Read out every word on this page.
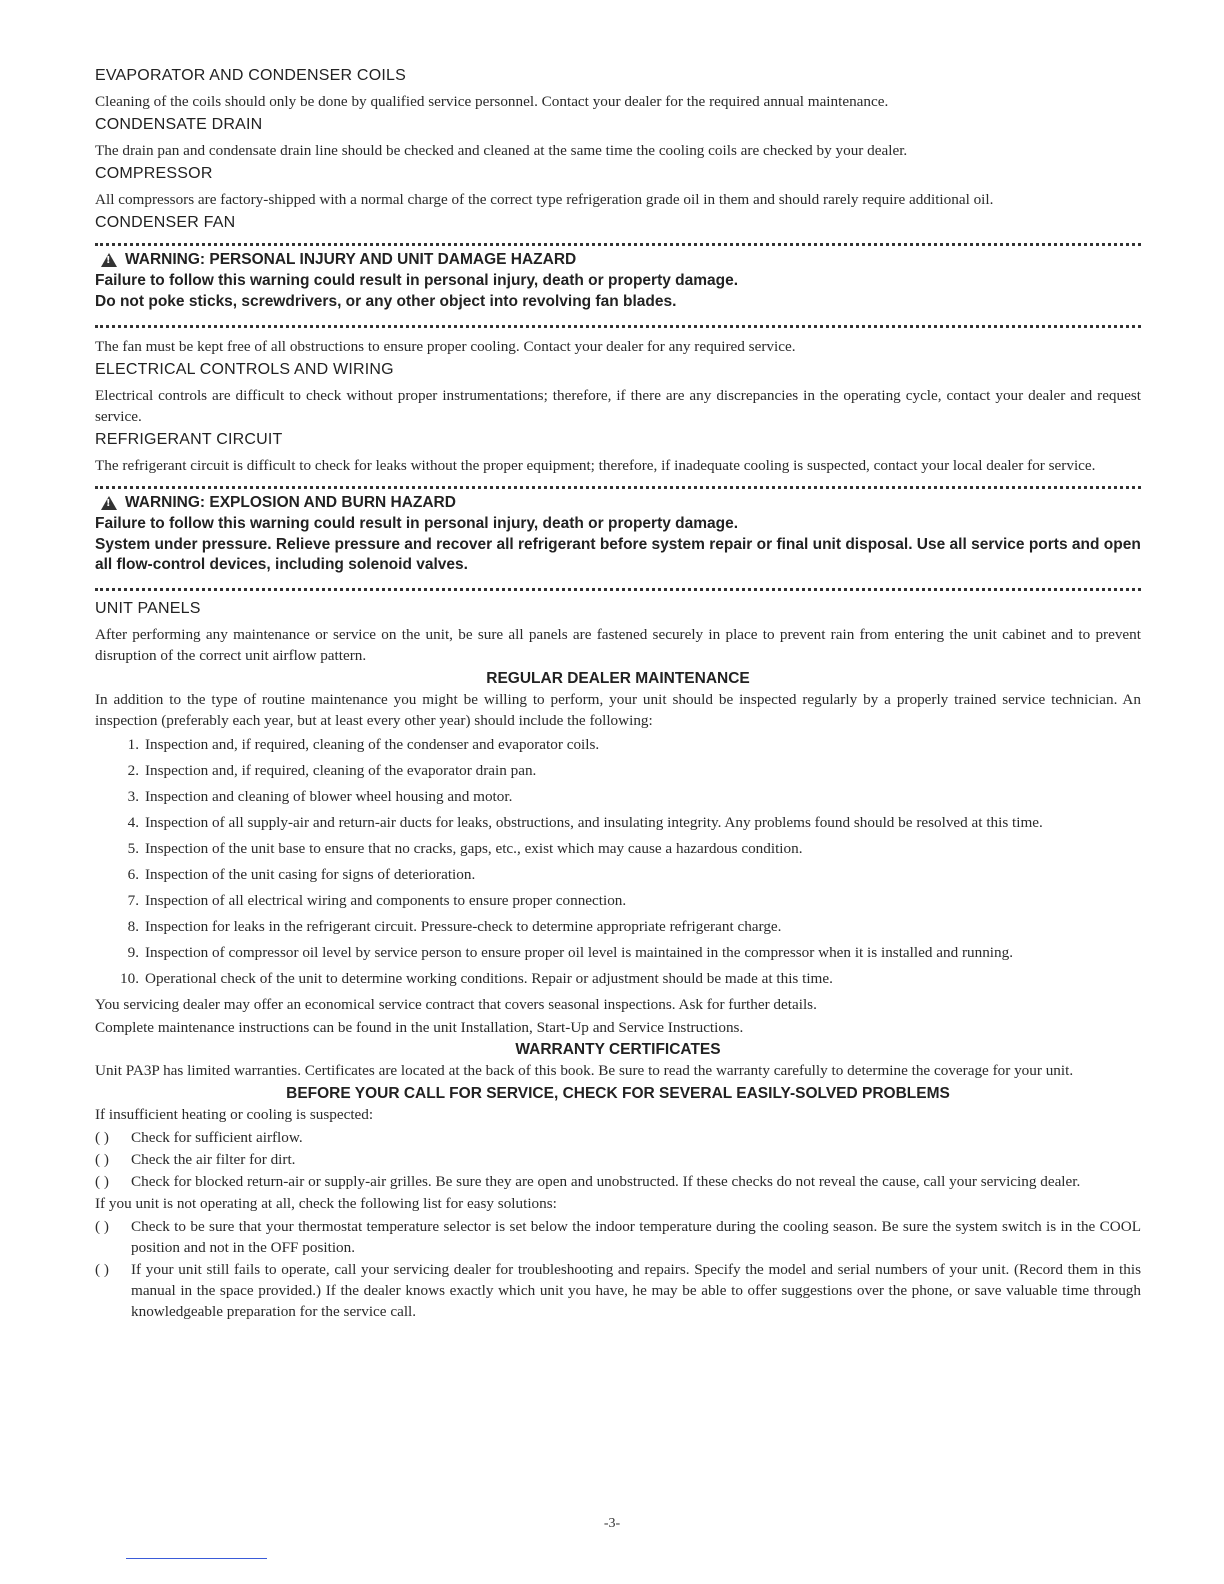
EVAPORATOR AND CONDENSER COILS

Cleaning of the coils should only be done by qualified service personnel. Contact your dealer for the required annual maintenance.

CONDENSATE DRAIN

The drain pan and condensate drain line should be checked and cleaned at the same time the cooling coils are checked by your dealer.

COMPRESSOR

All compressors are factory-shipped with a normal charge of the correct type refrigeration grade oil in them and should rarely require additional oil.

CONDENSER FAN

!
WARNING: PERSONAL INJURY AND UNIT DAMAGE HAZARD

Failure to follow this warning could result in personal injury, death or property damage.

Do not poke sticks, screwdrivers, or any other object into revolving fan blades.

The fan must be kept free of all obstructions to ensure proper cooling. Contact your dealer for any required service.

ELECTRICAL CONTROLS AND WIRING

Electrical controls are difficult to check without proper instrumentations; therefore, if there are any discrepancies in the operating cycle, contact your dealer and request service.

REFRIGERANT CIRCUIT

The refrigerant circuit is difficult to check for leaks without the proper equipment; therefore, if inadequate cooling is suspected, contact your local dealer for service.

!
WARNING: EXPLOSION AND BURN HAZARD

Failure to follow this warning could result in personal injury, death or property damage.

System under pressure. Relieve pressure and recover all refrigerant before system repair or final unit disposal. Use all service ports and open all flow-control devices, including solenoid valves.

UNIT PANELS

After performing any maintenance or service on the unit, be sure all panels are fastened securely in place to prevent rain from entering the unit cabinet and to prevent disruption of the correct unit airflow pattern.

REGULAR DEALER MAINTENANCE

In addition to the type of routine maintenance you might be willing to perform, your unit should be inspected regularly by a properly trained service technician. An inspection (preferably each year, but at least every other year) should include the following:

1. Inspection and, if required, cleaning of the condenser and evaporator coils.
2. Inspection and, if required, cleaning of the evaporator drain pan.
3. Inspection and cleaning of blower wheel housing and motor.
4. Inspection of all supply-air and return-air ducts for leaks, obstructions, and insulating integrity. Any problems found should be resolved at this time.
5. Inspection of the unit base to ensure that no cracks, gaps, etc., exist which may cause a hazardous condition.
6. Inspection of the unit casing for signs of deterioration.
7. Inspection of all electrical wiring and components to ensure proper connection.
8. Inspection for leaks in the refrigerant circuit. Pressure-check to determine appropriate refrigerant charge.
9. Inspection of compressor oil level by service person to ensure proper oil level is maintained in the compressor when it is installed and running.
10. Operational check of the unit to determine working conditions. Repair or adjustment should be made at this time.

You servicing dealer may offer an economical service contract that covers seasonal inspections. Ask for further details.

Complete maintenance instructions can be found in the unit Installation, Start-Up and Service Instructions.

WARRANTY CERTIFICATES

Unit PA3P has limited warranties. Certificates are located at the back of this book. Be sure to read the warranty carefully to determine the coverage for your unit.

BEFORE YOUR CALL FOR SERVICE, CHECK FOR SEVERAL EASILY-SOLVED PROBLEMS

If insufficient heating or cooling is suspected:

( ) Check for sufficient airflow.
( ) Check the air filter for dirt.
( ) Check for blocked return-air or supply-air grilles. Be sure they are open and unobstructed. If these checks do not reveal the cause, call your servicing dealer.

If you unit is not operating at all, check the following list for easy solutions:

( ) Check to be sure that your thermostat temperature selector is set below the indoor temperature during the cooling season. Be sure the system switch is in the COOL position and not in the OFF position.
( ) If your unit still fails to operate, call your servicing dealer for troubleshooting and repairs. Specify the model and serial numbers of your unit. (Record them in this manual in the space provided.) If the dealer knows exactly which unit you have, he may be able to offer suggestions over the phone, or save valuable time through knowledgeable preparation for the service call.
-3-
